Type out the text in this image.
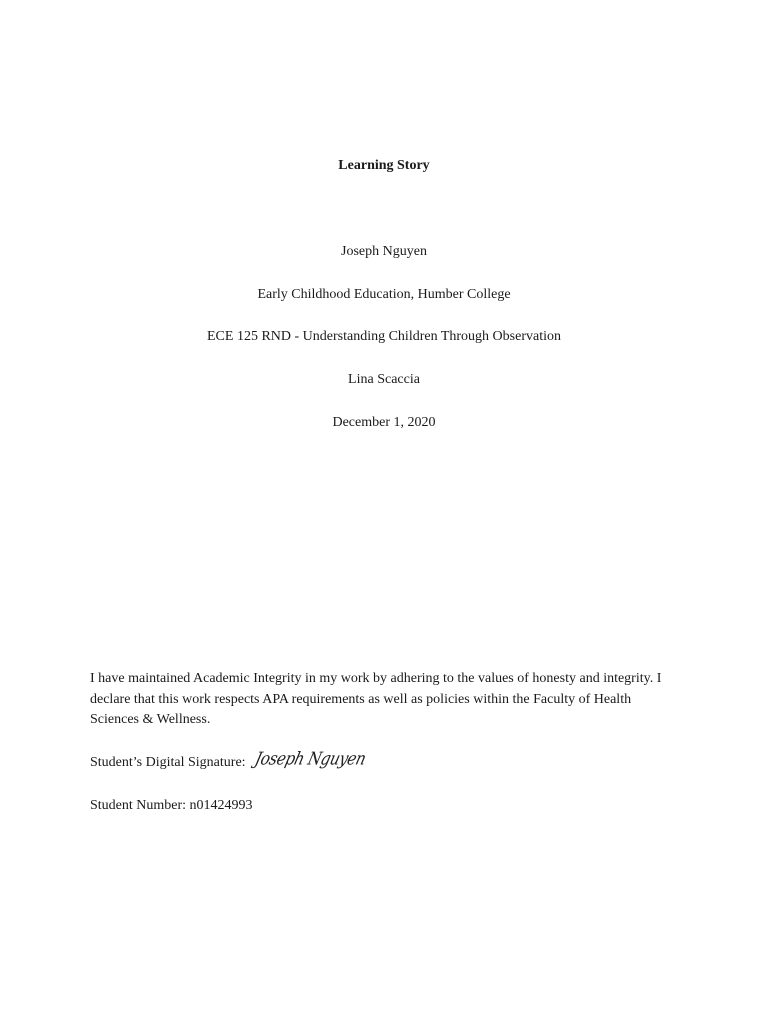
Learning Story
Joseph Nguyen
Early Childhood Education, Humber College
ECE 125 RND - Understanding Children Through Observation
Lina Scaccia
December 1, 2020
I have maintained Academic Integrity in my work by adhering to the values of honesty and integrity. I declare that this work respects APA requirements as well as policies within the Faculty of Health Sciences & Wellness.
Student’s Digital Signature: Joseph Nguyen
Student Number: n01424993
